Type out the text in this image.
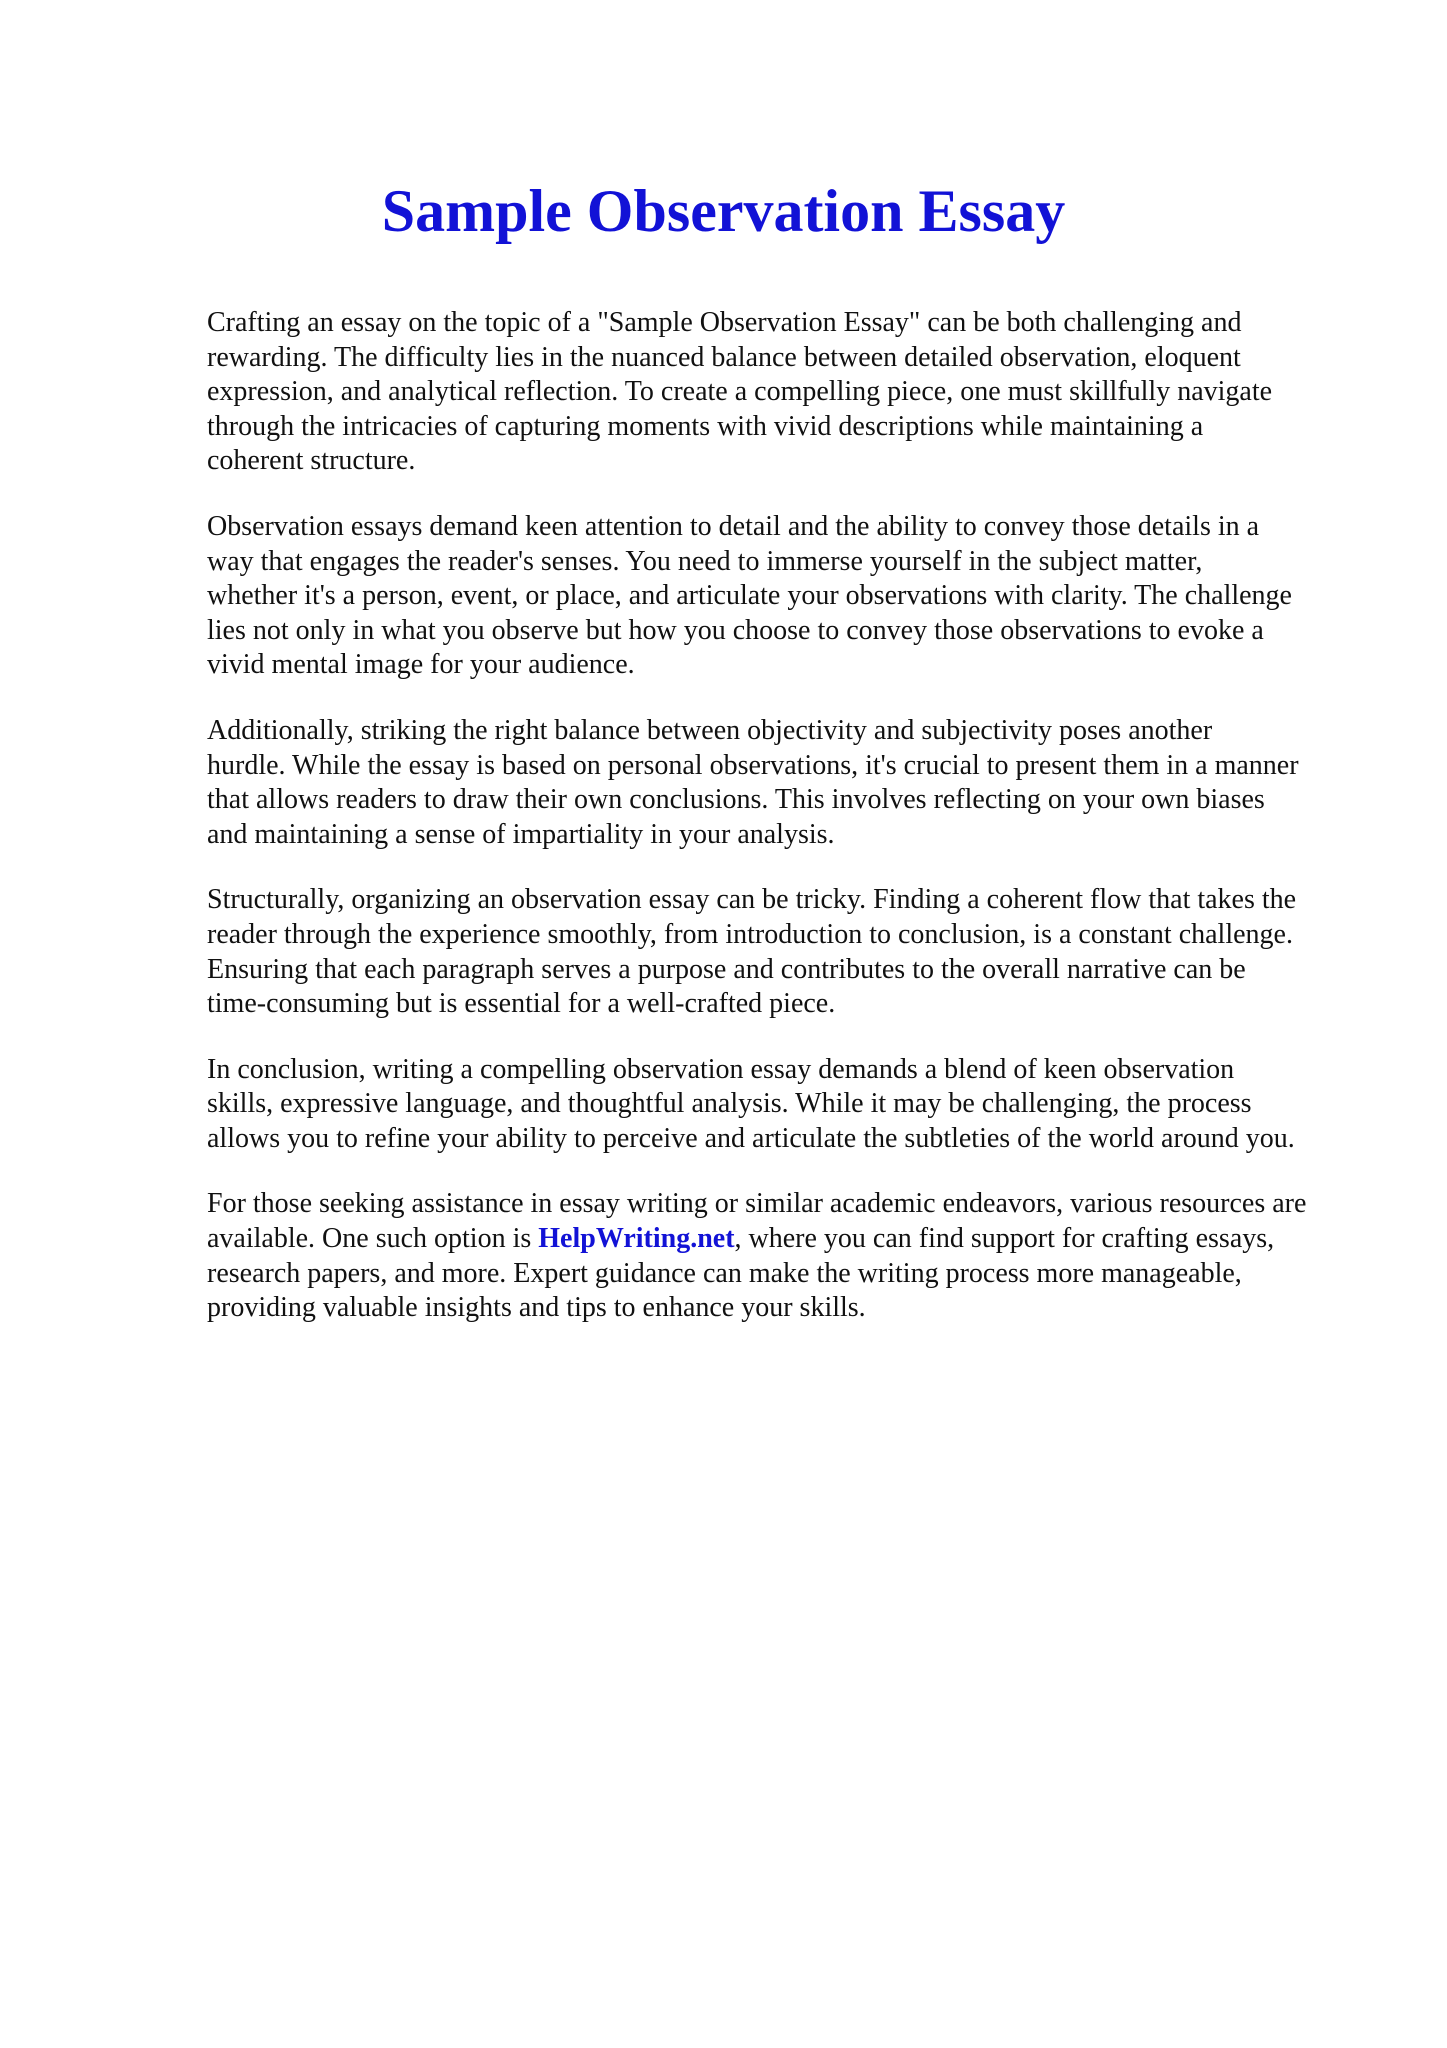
Sample Observation Essay

Crafting an essay on the topic of a "Sample Observation Essay" can be both challenging and
rewarding. The difficulty lies in the nuanced balance between detailed observation, eloquent
expression, and analytical reflection. To create a compelling piece, one must skillfully navigate
through the intricacies of capturing moments with vivid descriptions while maintaining a
coherent structure.

Observation essays demand keen attention to detail and the ability to convey those details in a
way that engages the reader's senses. You need to immerse yourself in the subject matter,
whether it's a person, event, or place, and articulate your observations with clarity. The challenge
lies not only in what you observe but how you choose to convey those observations to evoke a
vivid mental image for your audience.

Additionally, striking the right balance between objectivity and subjectivity poses another
hurdle. While the essay is based on personal observations, it's crucial to present them in a manner
that allows readers to draw their own conclusions. This involves reflecting on your own biases
and maintaining a sense of impartiality in your analysis.

Structurally, organizing an observation essay can be tricky. Finding a coherent flow that takes the
reader through the experience smoothly, from introduction to conclusion, is a constant challenge.
Ensuring that each paragraph serves a purpose and contributes to the overall narrative can be
time-consuming but is essential for a well-crafted piece.

In conclusion, writing a compelling observation essay demands a blend of keen observation
skills, expressive language, and thoughtful analysis. While it may be challenging, the process
allows you to refine your ability to perceive and articulate the subtleties of the world around you.

For those seeking assistance in essay writing or similar academic endeavors, various resources are
available. One such option is HelpWriting.net, where you can find support for crafting essays,
research papers, and more. Expert guidance can make the writing process more manageable,
providing valuable insights and tips to enhance your skills.
